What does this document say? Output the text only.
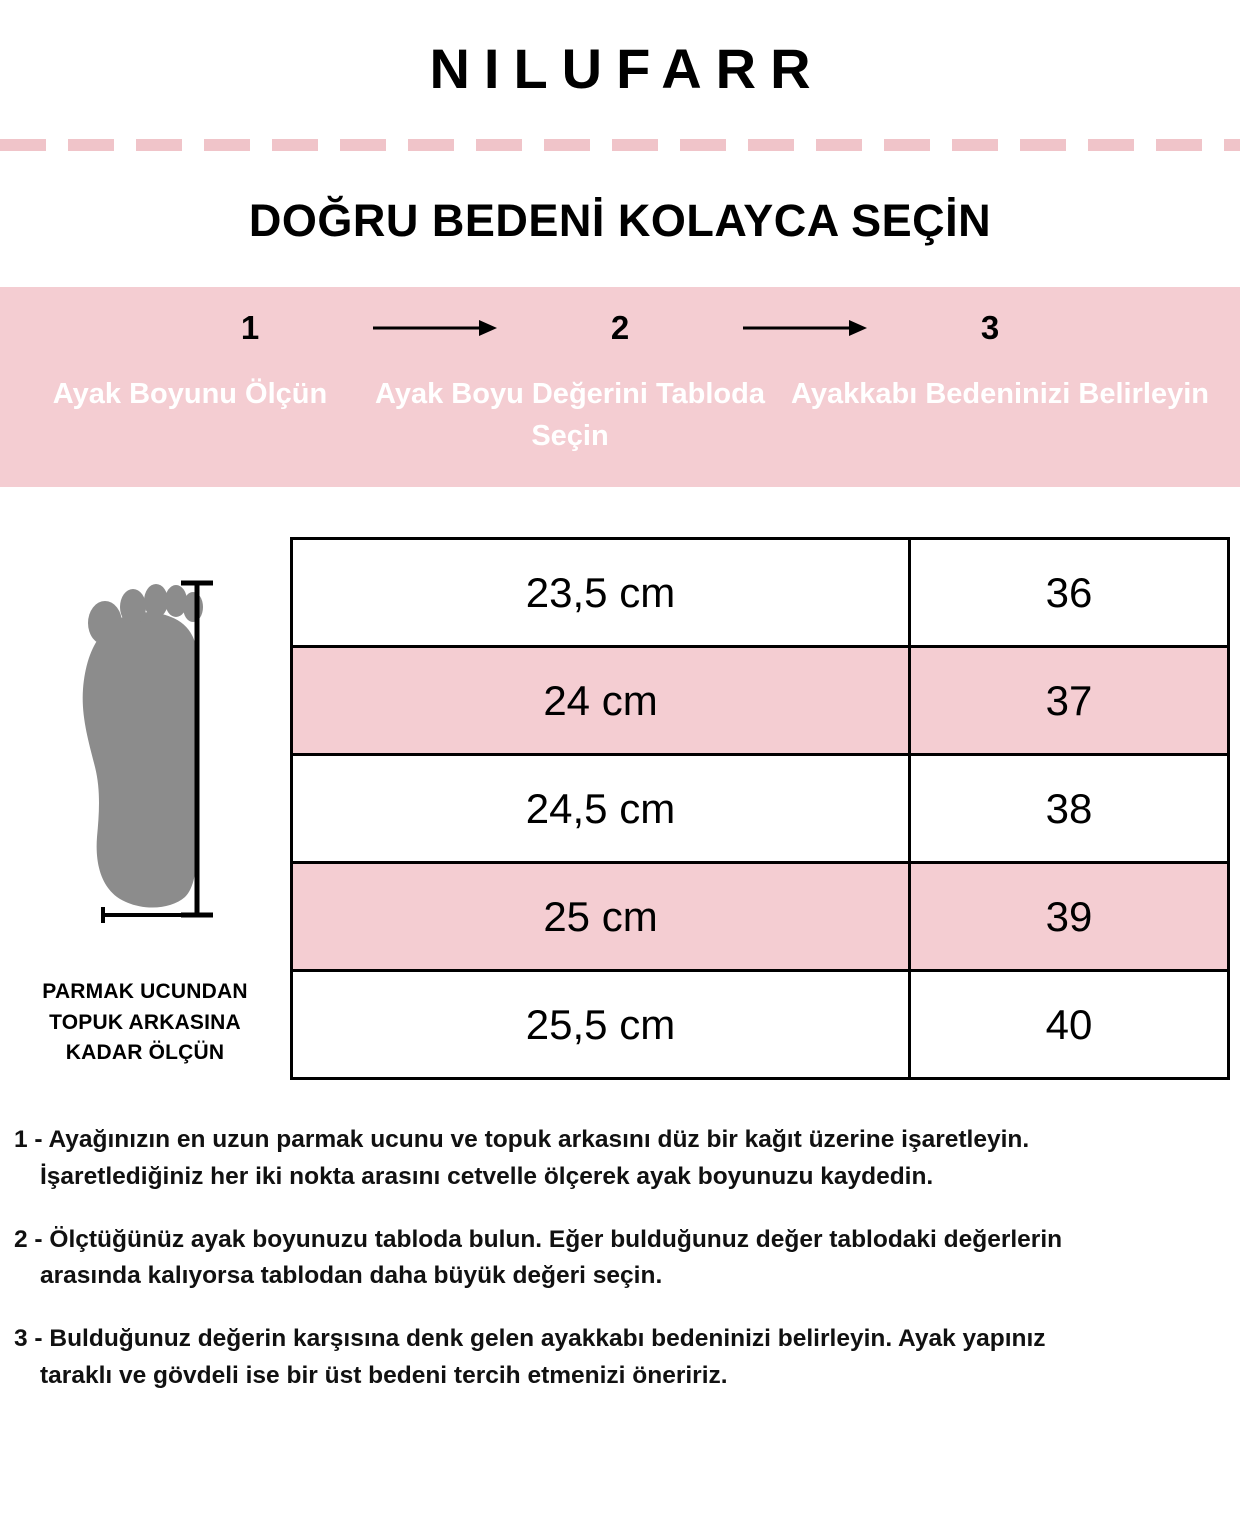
NILUFARR
DOĞRU BEDENİ KOLAYCA SEÇİN
1	2	3
Ayak Boyunu Ölçün	Ayak Boyu Değerini Tabloda Seçin
Ayakkabı Bedeninizi Belirleyin
PARMAK UCUNDAN TOPUK ARKASINA KADAR ÖLÇÜN
23,5 cm	36
24 cm	37
24,5 cm	38
25 cm	39
25,5 cm	40
1 - Ayağınızın en uzun parmak ucunu ve topuk arkasını düz bir kağıt üzerine işaretleyin.
İşaretlediğiniz her iki nokta arasını cetvelle ölçerek ayak boyunuzu kaydedin.
2 - Ölçtüğünüz ayak boyunuzu tabloda bulun. Eğer bulduğunuz değer tablodaki değerlerin
arasında kalıyorsa tablodan daha büyük değeri seçin.
3 - Bulduğunuz değerin karşısına denk gelen ayakkabı bedeninizi belirleyin. Ayak yapınız
taraklı ve gövdeli ise bir üst bedeni tercih etmenizi öneririz.
